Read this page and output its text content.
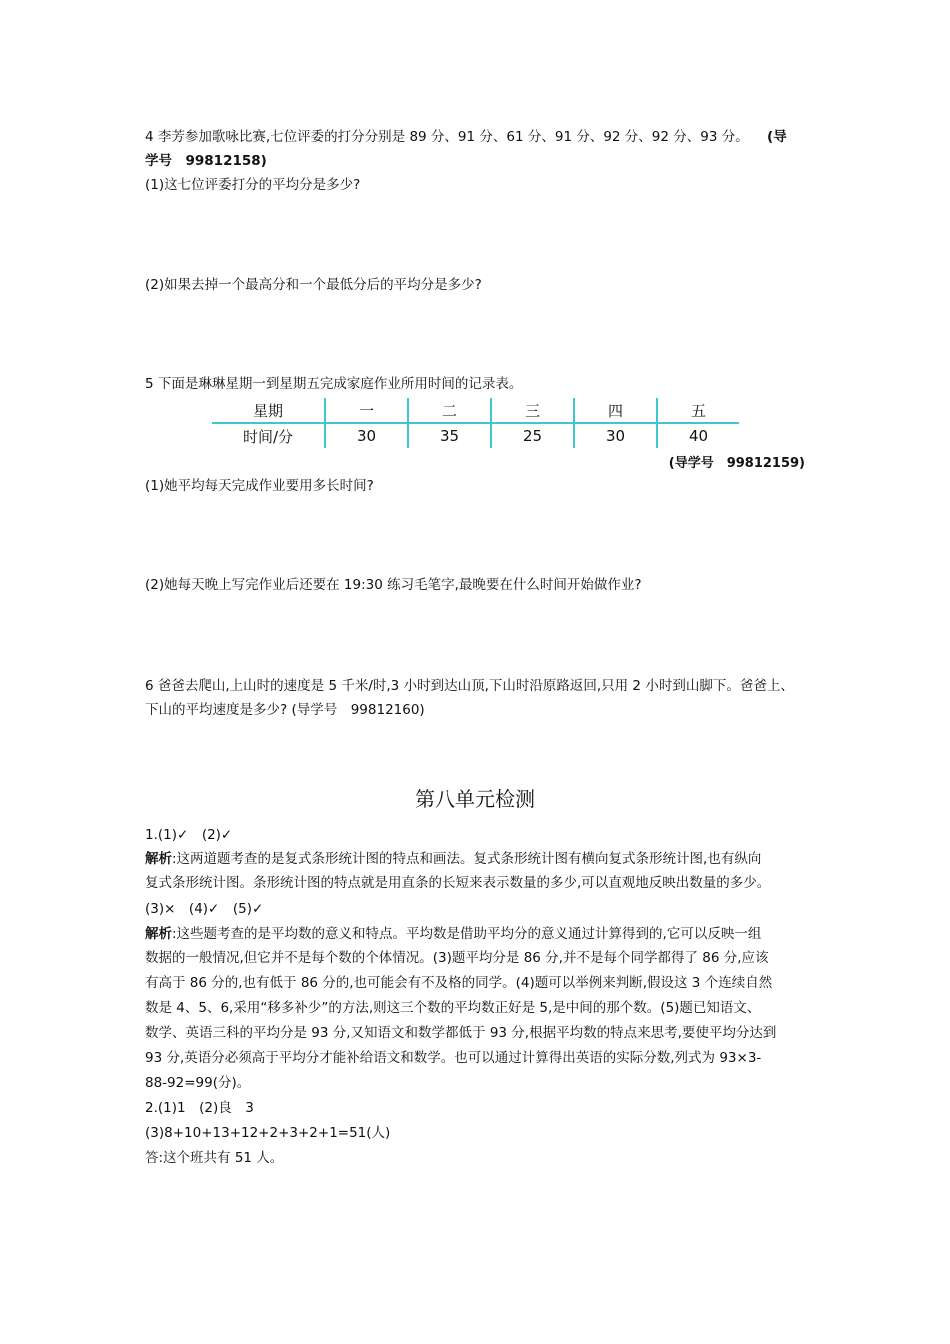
4 李芳参加歌咏比赛,七位评委的打分分别是 89 分、91 分、61 分、91 分、92 分、92 分、93 分。 (导
学号　99812158)
(1)这七位评委打分的平均分是多少?
(2)如果去掉一个最高分和一个最低分后的平均分是多少?
5 下面是琳琳星期一到星期五完成家庭作业所用时间的记录表。
星期	一	二	三	四	五
时间/分	30	35	25	30	40
(导学号　99812159)
(1)她平均每天完成作业要用多长时间?
(2)她每天晚上写完作业后还要在 19:30 练习毛笔字,最晚要在什么时间开始做作业?
6 爸爸去爬山,上山时的速度是 5 千米/时,3 小时到达山顶,下山时沿原路返回,只用 2 小时到山脚下。爸爸上、
下山的平均速度是多少? (导学号　99812160)
第八单元检测
1.(1)✓　(2)✓
解析:这两道题考查的是复式条形统计图的特点和画法。复式条形统计图有横向复式条形统计图,也有纵向
复式条形统计图。条形统计图的特点就是用直条的长短来表示数量的多少,可以直观地反映出数量的多少。
(3)×　(4)✓　(5)✓
解析:这些题考查的是平均数的意义和特点。平均数是借助平均分的意义通过计算得到的,它可以反映一组
数据的一般情况,但它并不是每个数的个体情况。(3)题平均分是 86 分,并不是每个同学都得了 86 分,应该
有高于 86 分的,也有低于 86 分的,也可能会有不及格的同学。(4)题可以举例来判断,假设这 3 个连续自然
数是 4、5、6,采用“移多补少”的方法,则这三个数的平均数正好是 5,是中间的那个数。(5)题已知语文、
数学、英语三科的平均分是 93 分,又知语文和数学都低于 93 分,根据平均数的特点来思考,要使平均分达到
93 分,英语分必须高于平均分才能补给语文和数学。也可以通过计算得出英语的实际分数,列式为 93×3-
88-92=99(分)。
2.(1)1　(2)良　3
(3)8+10+13+12+2+3+2+1=51(人)
答:这个班共有 51 人。
